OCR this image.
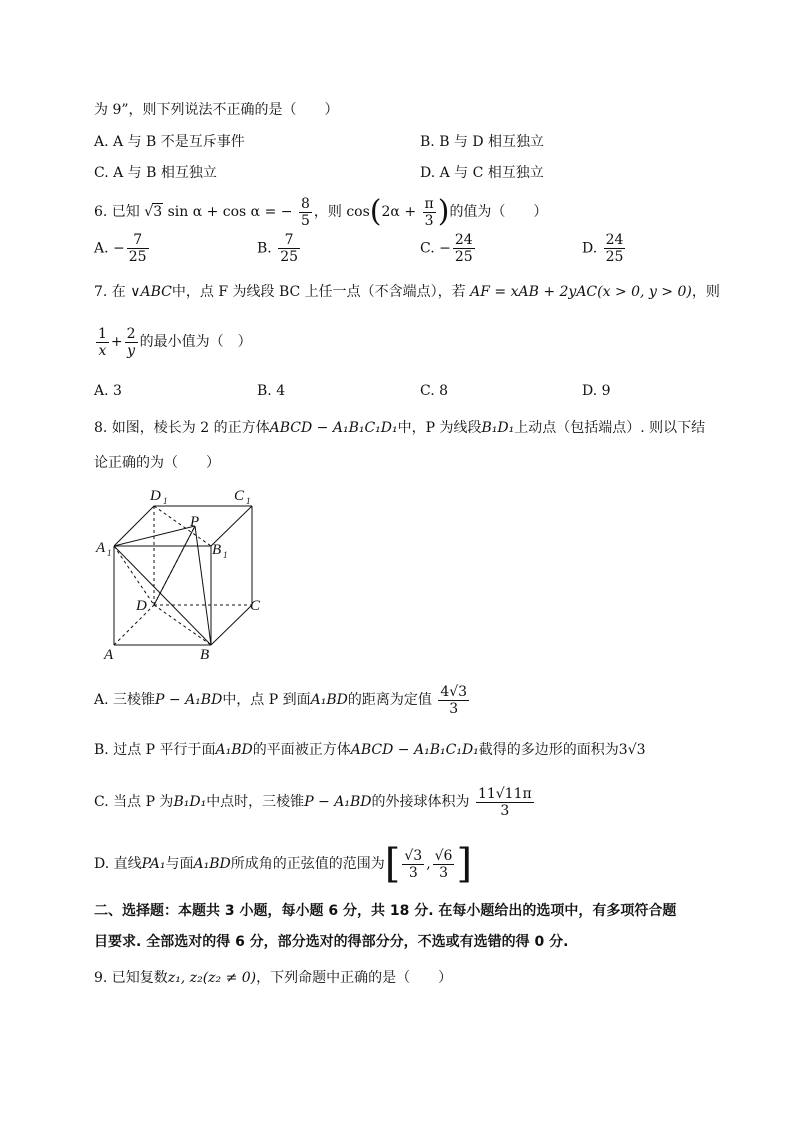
为 9”，则下列说法不正确的是（　　）
A. A 与 B 不是互斥事件	B. B 与 D 相互独立
C. A 与 B 相互独立	D. A 与 C 相互独立
6. 已知 √3 sin α + cos α = − $\frac{8}{5}$ ，则 $\cos(2\alpha + \frac{\pi}{3}$ )的值为（　　）
A. − $\frac{7}{25}$	B. $\frac{7}{25}$	C. − $\frac{24}{25}$	D. $\frac{24}{25}$
7. 在 ∨ABC中，点 F 为线段 BC 上任一点（不含端点），若 AF = xAB + 2yAC(x > 0, y > 0)，则
$\frac{1}{x} + \frac{2}{y}$ 的最小值为（　）
A. 3	B. 4	C. 8	D. 9
8. 如图，棱长为 2 的正方体ABCD − A₁B₁C₁D₁中，P 为线段B₁D₁上动点（包括端点）. 则以下结
论正确的为（　　）
D 1	C 1
P
A 1	B 1
D	C
A	B
A. 三棱锥P − A₁BD中，点 P 到面A₁BD的距离为定值 $\frac{4√3}{3}$
B. 过点 P 平行于面A₁BD的平面被正方体ABCD − A₁B₁C₁D₁截得的多边形的面积为3√3
C. 当点 P 为B₁D₁中点时，三棱锥P − A₁BD的外接球体积为 $\frac{11√11\pi}{3}$
D. 直线PA₁与面A₁BD所成角的正弦值的范围为[ $\frac{√3}{3}$ , $\frac{√6}{3}$ ]
二、选择题：本题共 3 小题，每小题 6 分，共 18 分. 在每小题给出的选项中，有多项符合题
目要求. 全部选对的得 6 分，部分选对的得部分分，不选或有选错的得 0 分.
9. 已知复数z₁, z₂(z₂ ≠ 0)，下列命题中正确的是（　　）
